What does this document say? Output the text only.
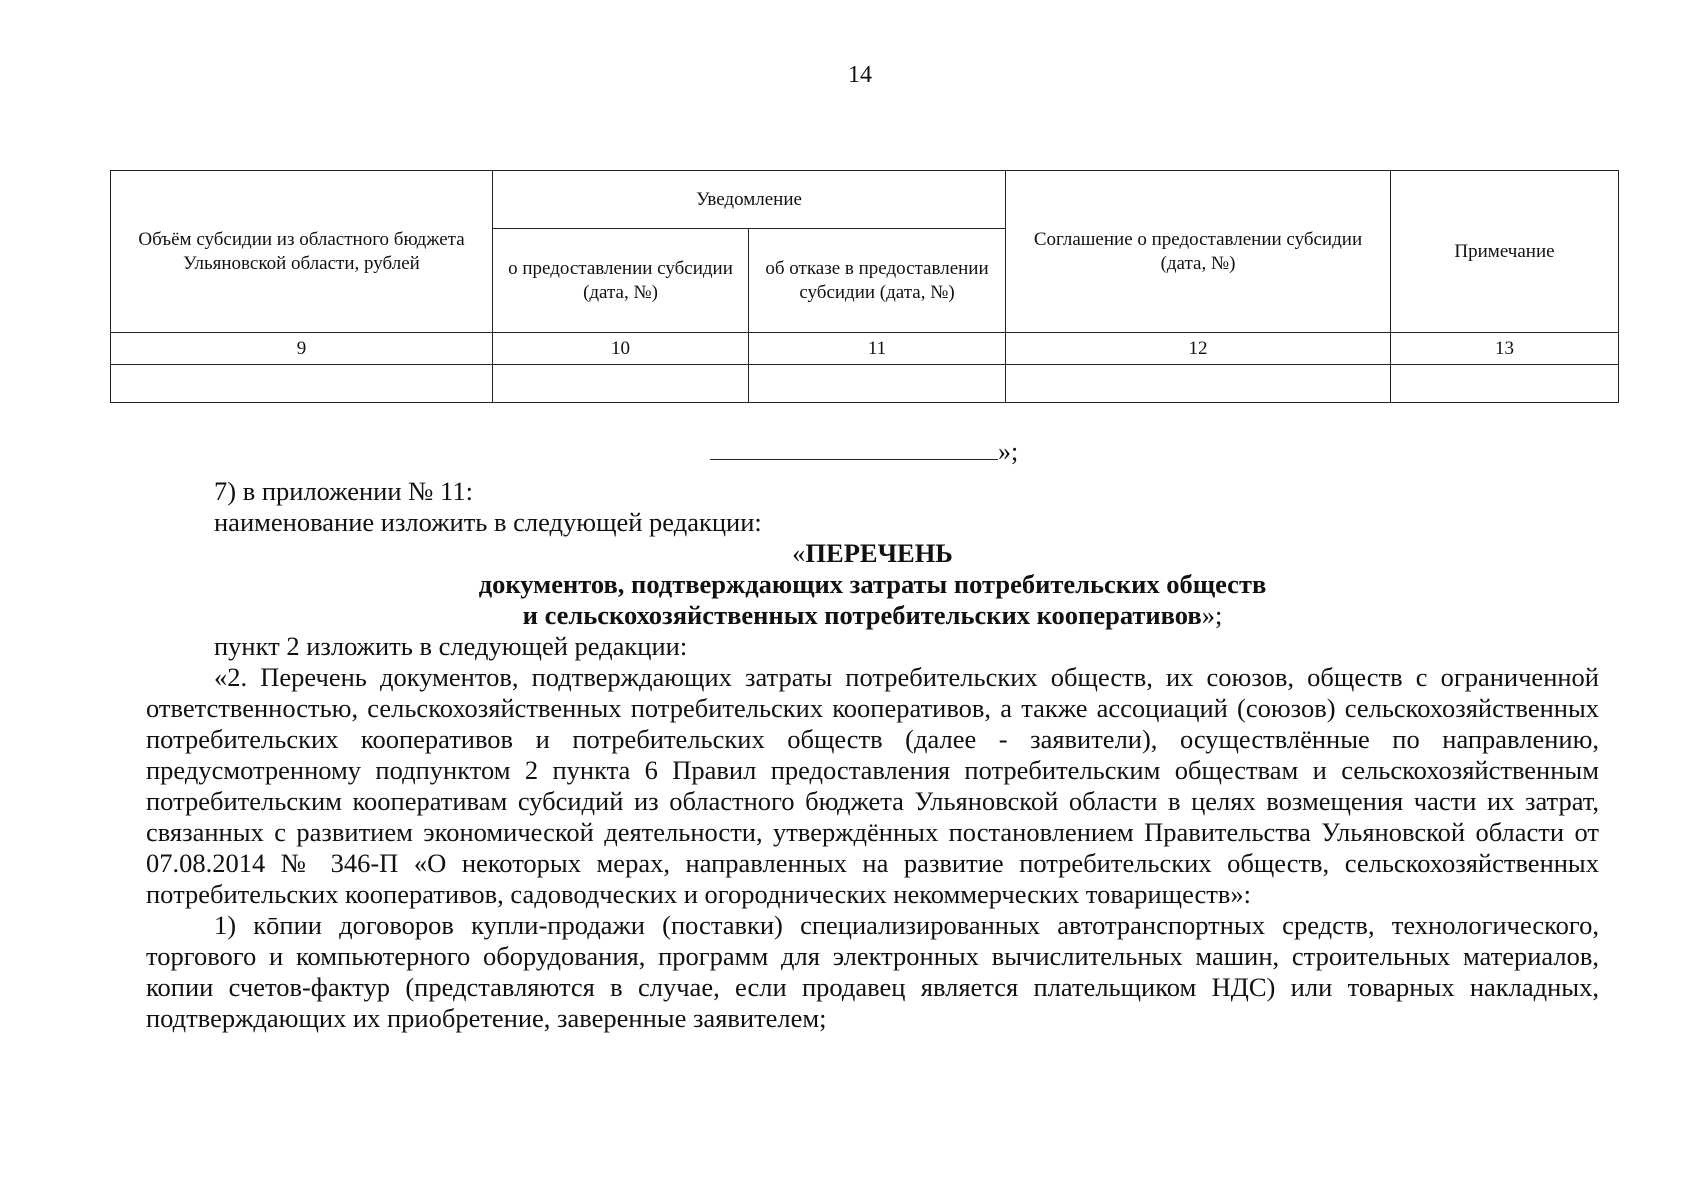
14
Объём субсидии из областного бюджета Ульяновской области, рублей	Уведомление		Соглашение о предоставлении субсидии (дата, №)	Примечание
	о предоставлении субсидии (дата, №)	об отказе в предоставлении субсидии (дата, №)		
9	10	11	12	13

»;

7) в приложении № 11:

наименование изложить в следующей редакции:

«ПЕРЕЧЕНЬ

документов, подтверждающих затраты потребительских обществ

и сельскохозяйственных потребительских кооперативов»;

пункт 2 изложить в следующей редакции:

«2. Перечень документов, подтверждающих затраты потребительских обществ, их союзов, обществ с ограниченной ответственностью, сельскохозяйственных потребительских кооперативов, а также ассоциаций (союзов) сельскохозяйственных потребительских кооперативов и потребительских обществ (далее - заявители), осуществлённые по направлению, предусмотренному подпунктом 2 пункта 6 Правил предоставления потребительским обществам и сельскохозяйственным потребительским кооперативам субсидий из областного бюджета Ульяновской области в целях возмещения части их затрат, связанных с развитием экономической деятельности, утверждённых постановлением Правительства Ульяновской области от 07.08.2014 № 346-П «О некоторых мерах, направленных на развитие потребительских обществ, сельскохозяйственных потребительских кооперативов, садоводческих и огороднических некоммерческих товариществ»:

1) кōпии договоров купли-продажи (поставки) специализированных автотранспортных средств, технологического, торгового и компьютерного оборудования, программ для электронных вычислительных машин, строительных материалов, копии счетов-фактур (представляются в случае, если продавец является плательщиком НДС) или товарных накладных, подтверждающих их приобретение, заверенные заявителем;
